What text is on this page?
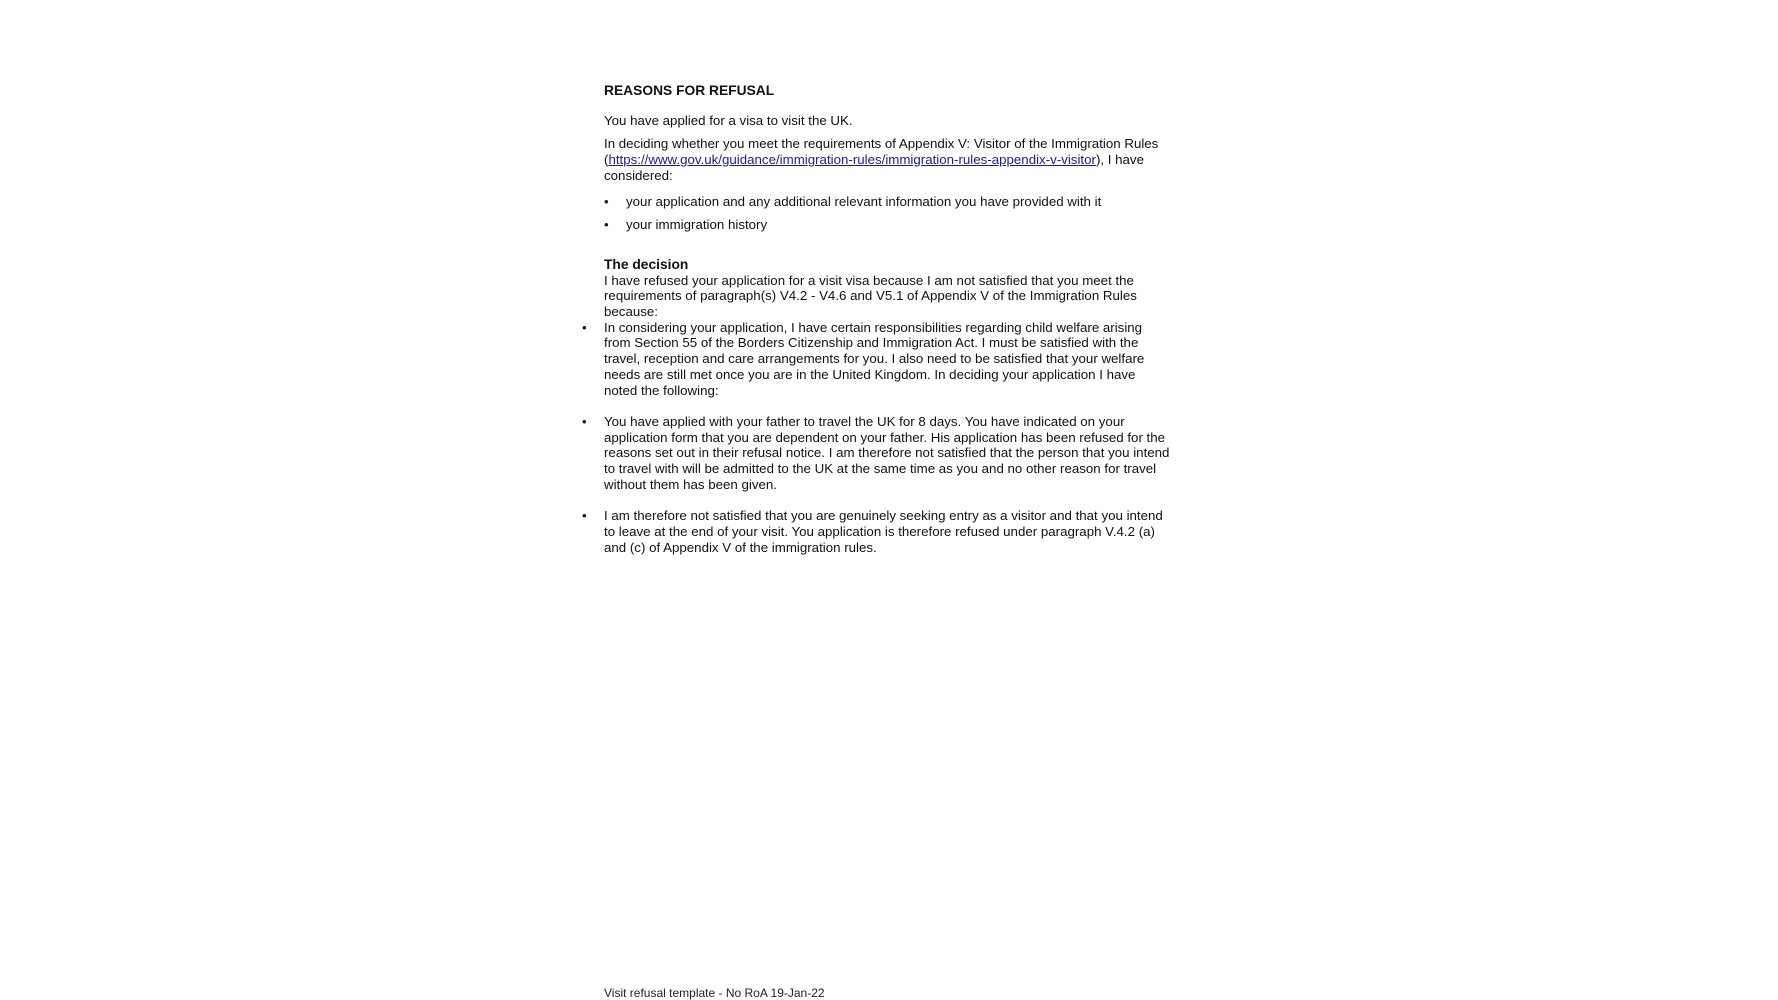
REASONS FOR REFUSAL

You have applied for a visa to visit the UK.

In deciding whether you meet the requirements of Appendix V: Visitor of the Immigration Rules (https://www.gov.uk/guidance/immigration-rules/immigration-rules-appendix-v-visitor), I have considered:

• your application and any additional relevant information you have provided with it
• your immigration history
The decision
I have refused your application for a visit visa because I am not satisfied that you meet the requirements of paragraph(s) V4.2 - V4.6 and V5.1 of Appendix V of the Immigration Rules because:
• In considering your application, I have certain responsibilities regarding child welfare arising from Section 55 of the Borders Citizenship and Immigration Act. I must be satisfied with the travel, reception and care arrangements for you. I also need to be satisfied that your welfare needs are still met once you are in the United Kingdom. In deciding your application I have noted the following:
• You have applied with your father to travel the UK for 8 days. You have indicated on your application form that you are dependent on your father. His application has been refused for the reasons set out in their refusal notice. I am therefore not satisfied that the person that you intend to travel with will be admitted to the UK at the same time as you and no other reason for travel without them has been given.
• I am therefore not satisfied that you are genuinely seeking entry as a visitor and that you intend to leave at the end of your visit. You application is therefore refused under paragraph V.4.2 (a) and (c) of Appendix V of the immigration rules.
Visit refusal template - No RoA 19-Jan-22
